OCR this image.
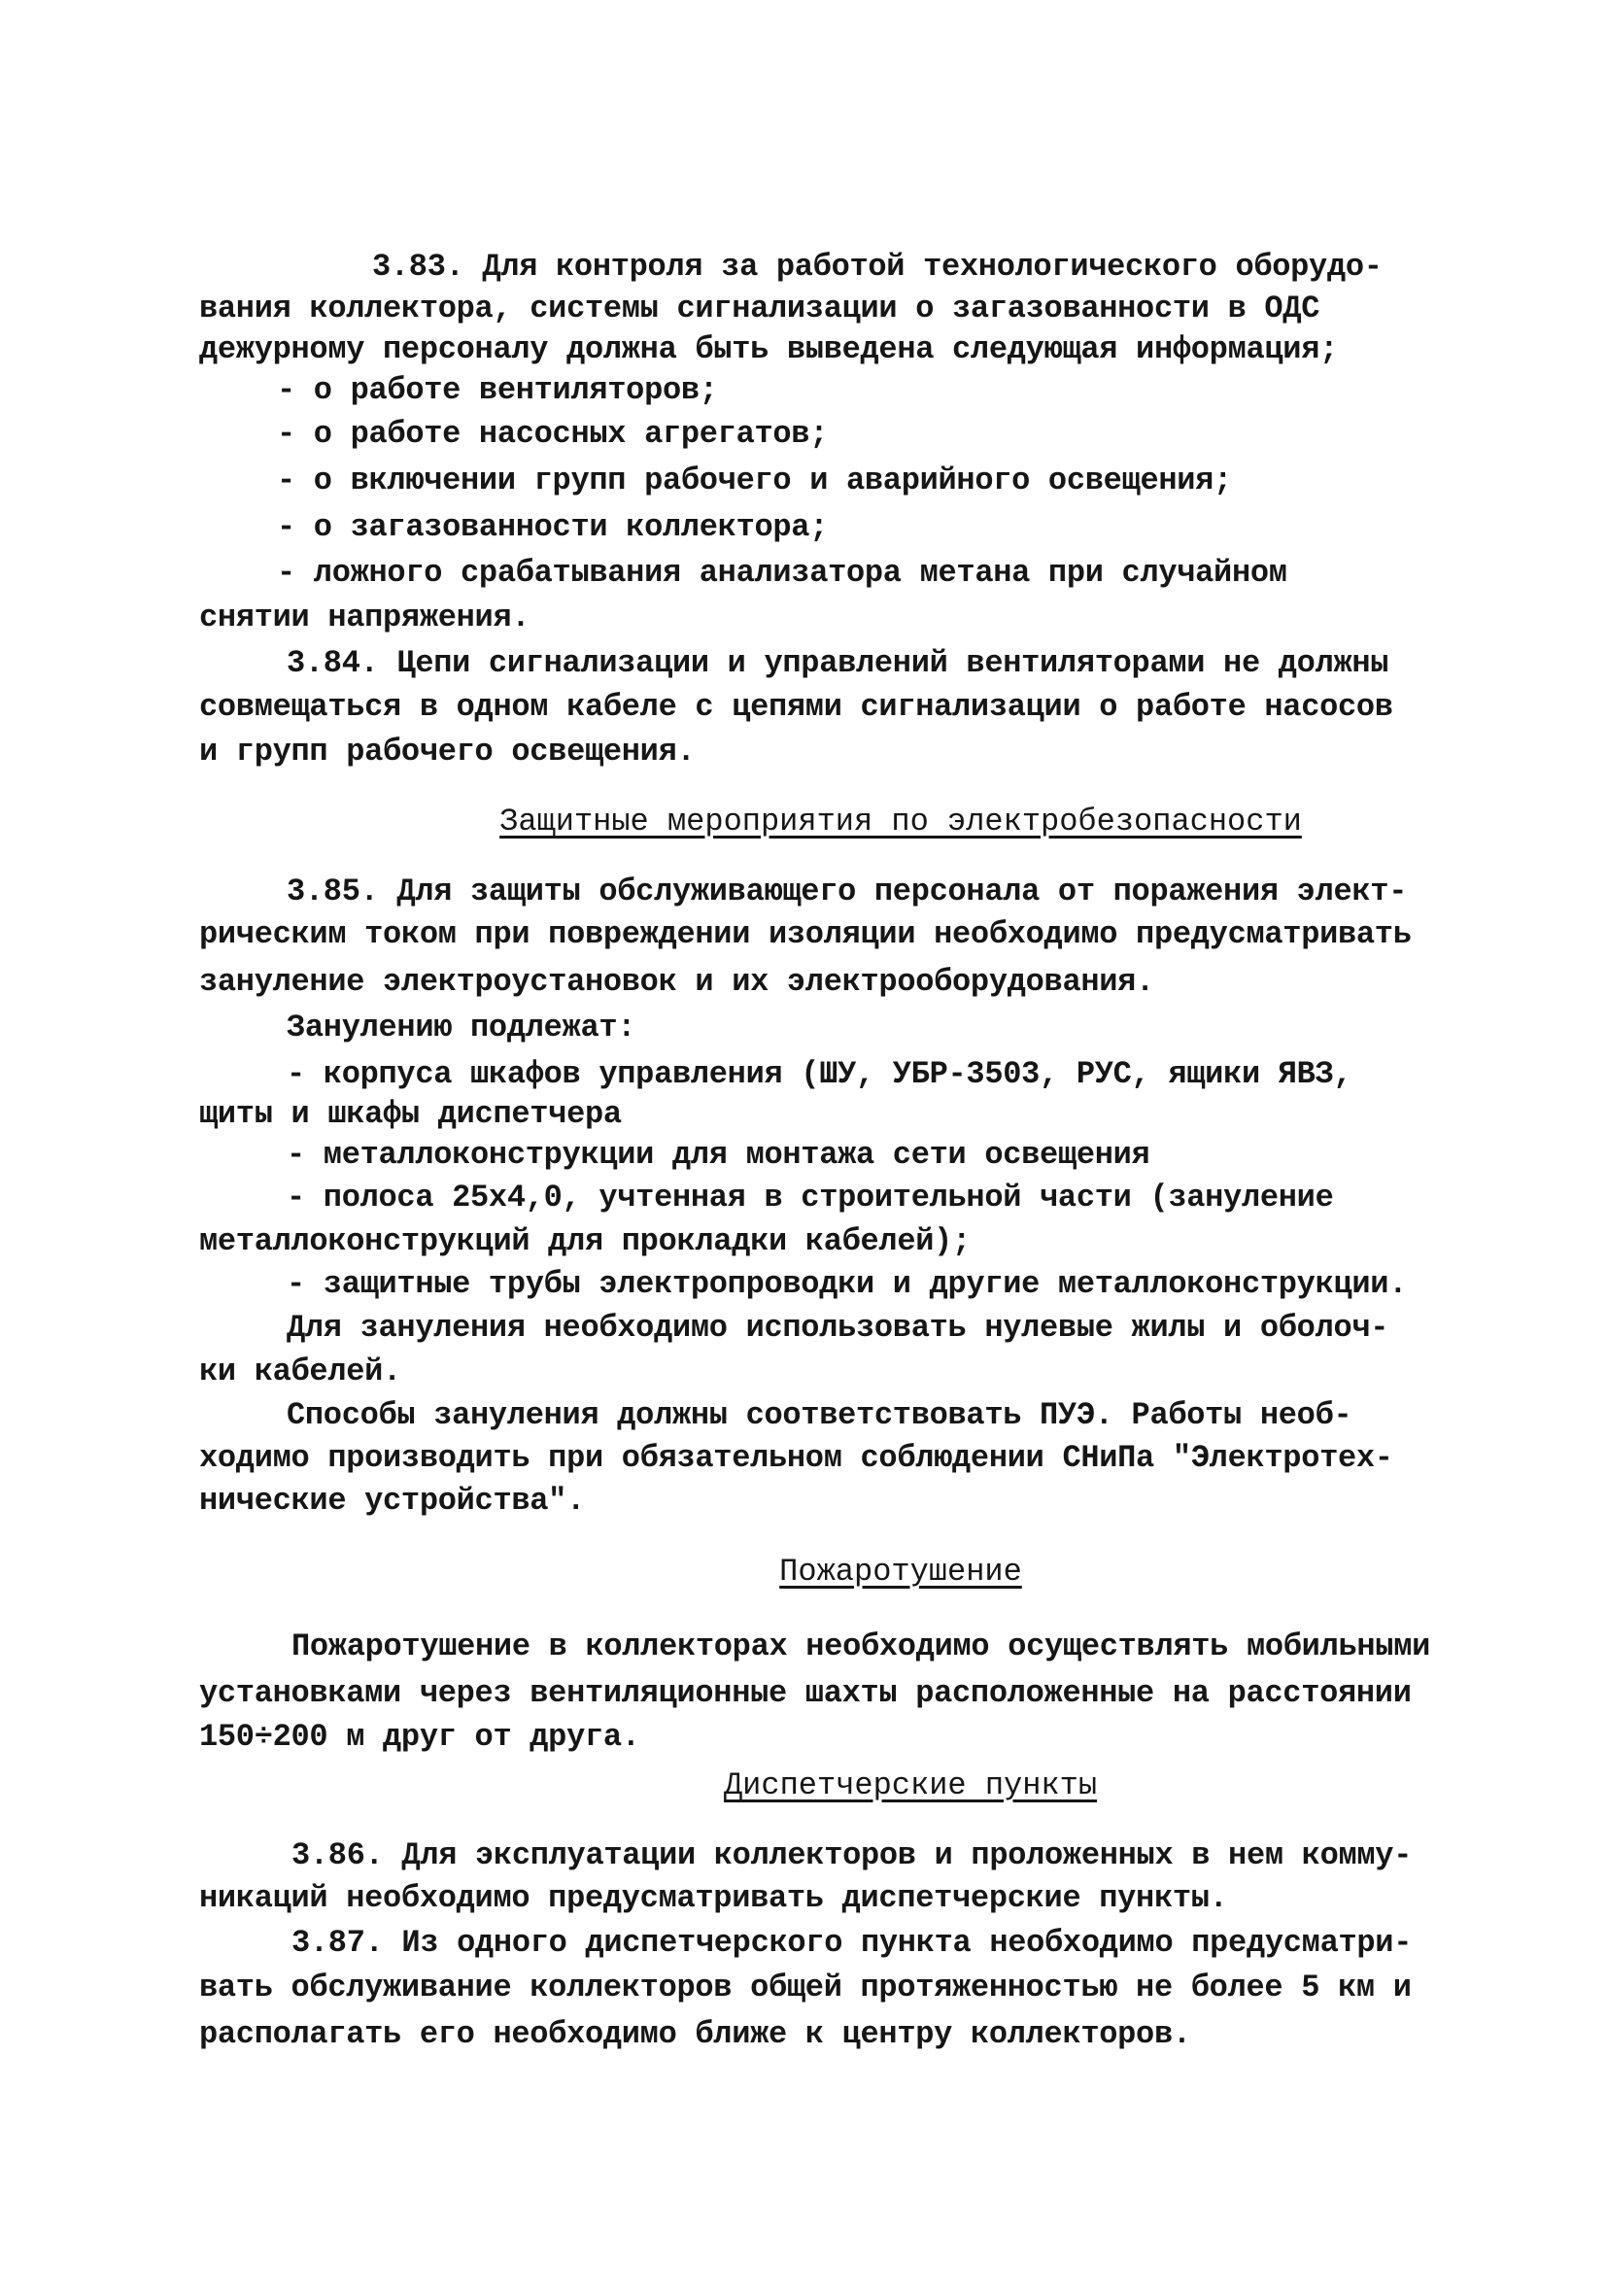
3.83. Для контроля за работой технологического оборудо-
вания коллектора, системы сигнализации о загазованности в ОДС
дежурному персоналу должна быть выведена следующая информация;
- о работе вентиляторов;
- о работе насосных агрегатов;
- о включении групп рабочего и аварийного освещения;
- о загазованности коллектора;
- ложного срабатывания анализатора метана при случайном
снятии напряжения.
3.84. Цепи сигнализации и управлений вентиляторами не должны
совмещаться в одном кабеле с цепями сигнализации о работе насосов
и групп рабочего освещения.
Защитные мероприятия по электробезопасности
3.85. Для защиты обслуживающего персонала от поражения элект-
рическим током при повреждении изоляции необходимо предусматривать
зануление электроустановок и их электрооборудования.
Занулению подлежат:
- корпуса шкафов управления (ШУ, УБР-3503, РУС, ящики ЯВЗ,
щиты и шкафы диспетчера
- металлоконструкции для монтажа сети освещения
- полоса 25х4,0, учтенная в строительной части (зануление
металлоконструкций для прокладки кабелей);
- защитные трубы электропроводки и другие металлоконструкции.
Для зануления необходимо использовать нулевые жилы и оболоч-
ки кабелей.
Способы зануления должны соответствовать ПУЭ. Работы необ-
ходимо производить при обязательном соблюдении СНиПа "Электротех-
нические устройства".
Пожаротушение
Пожаротушение в коллекторах необходимо осуществлять мобильными
установками через вентиляционные шахты расположенные на расстоянии
150÷200 м друг от друга.
Диспетчерские пункты
3.86. Для эксплуатации коллекторов и проложенных в нем комму-
никаций необходимо предусматривать диспетчерские пункты.
3.87. Из одного диспетчерского пункта необходимо предусматри-
вать обслуживание коллекторов общей протяженностью не более 5 км и
располагать его необходимо ближе к центру коллекторов.
